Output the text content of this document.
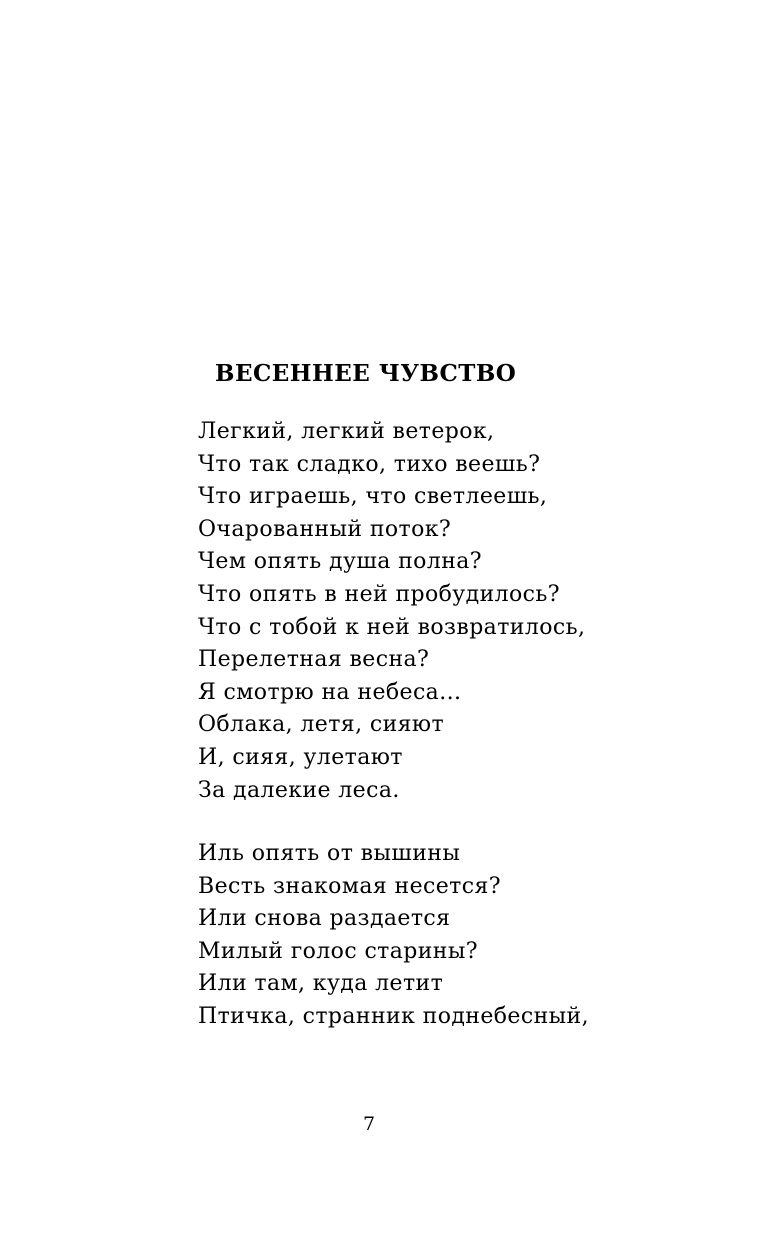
ВЕСЕННЕЕ ЧУВСТВО
Легкий, легкий ветерок,
Что так сладко, тихо веешь?
Что играешь, что светлеешь,
Очарованный поток?
Чем опять душа полна?
Что опять в ней пробудилось?
Что с тобой к ней возвратилось,
Перелетная весна?
Я смотрю на небеса...
Облака, летя, сияют
И, сияя, улетают
За далекие леса.
Иль опять от вышины
Весть знакомая несется?
Или снова раздается
Милый голос старины?
Или там, куда летит
Птичка, странник поднебесный,
7
